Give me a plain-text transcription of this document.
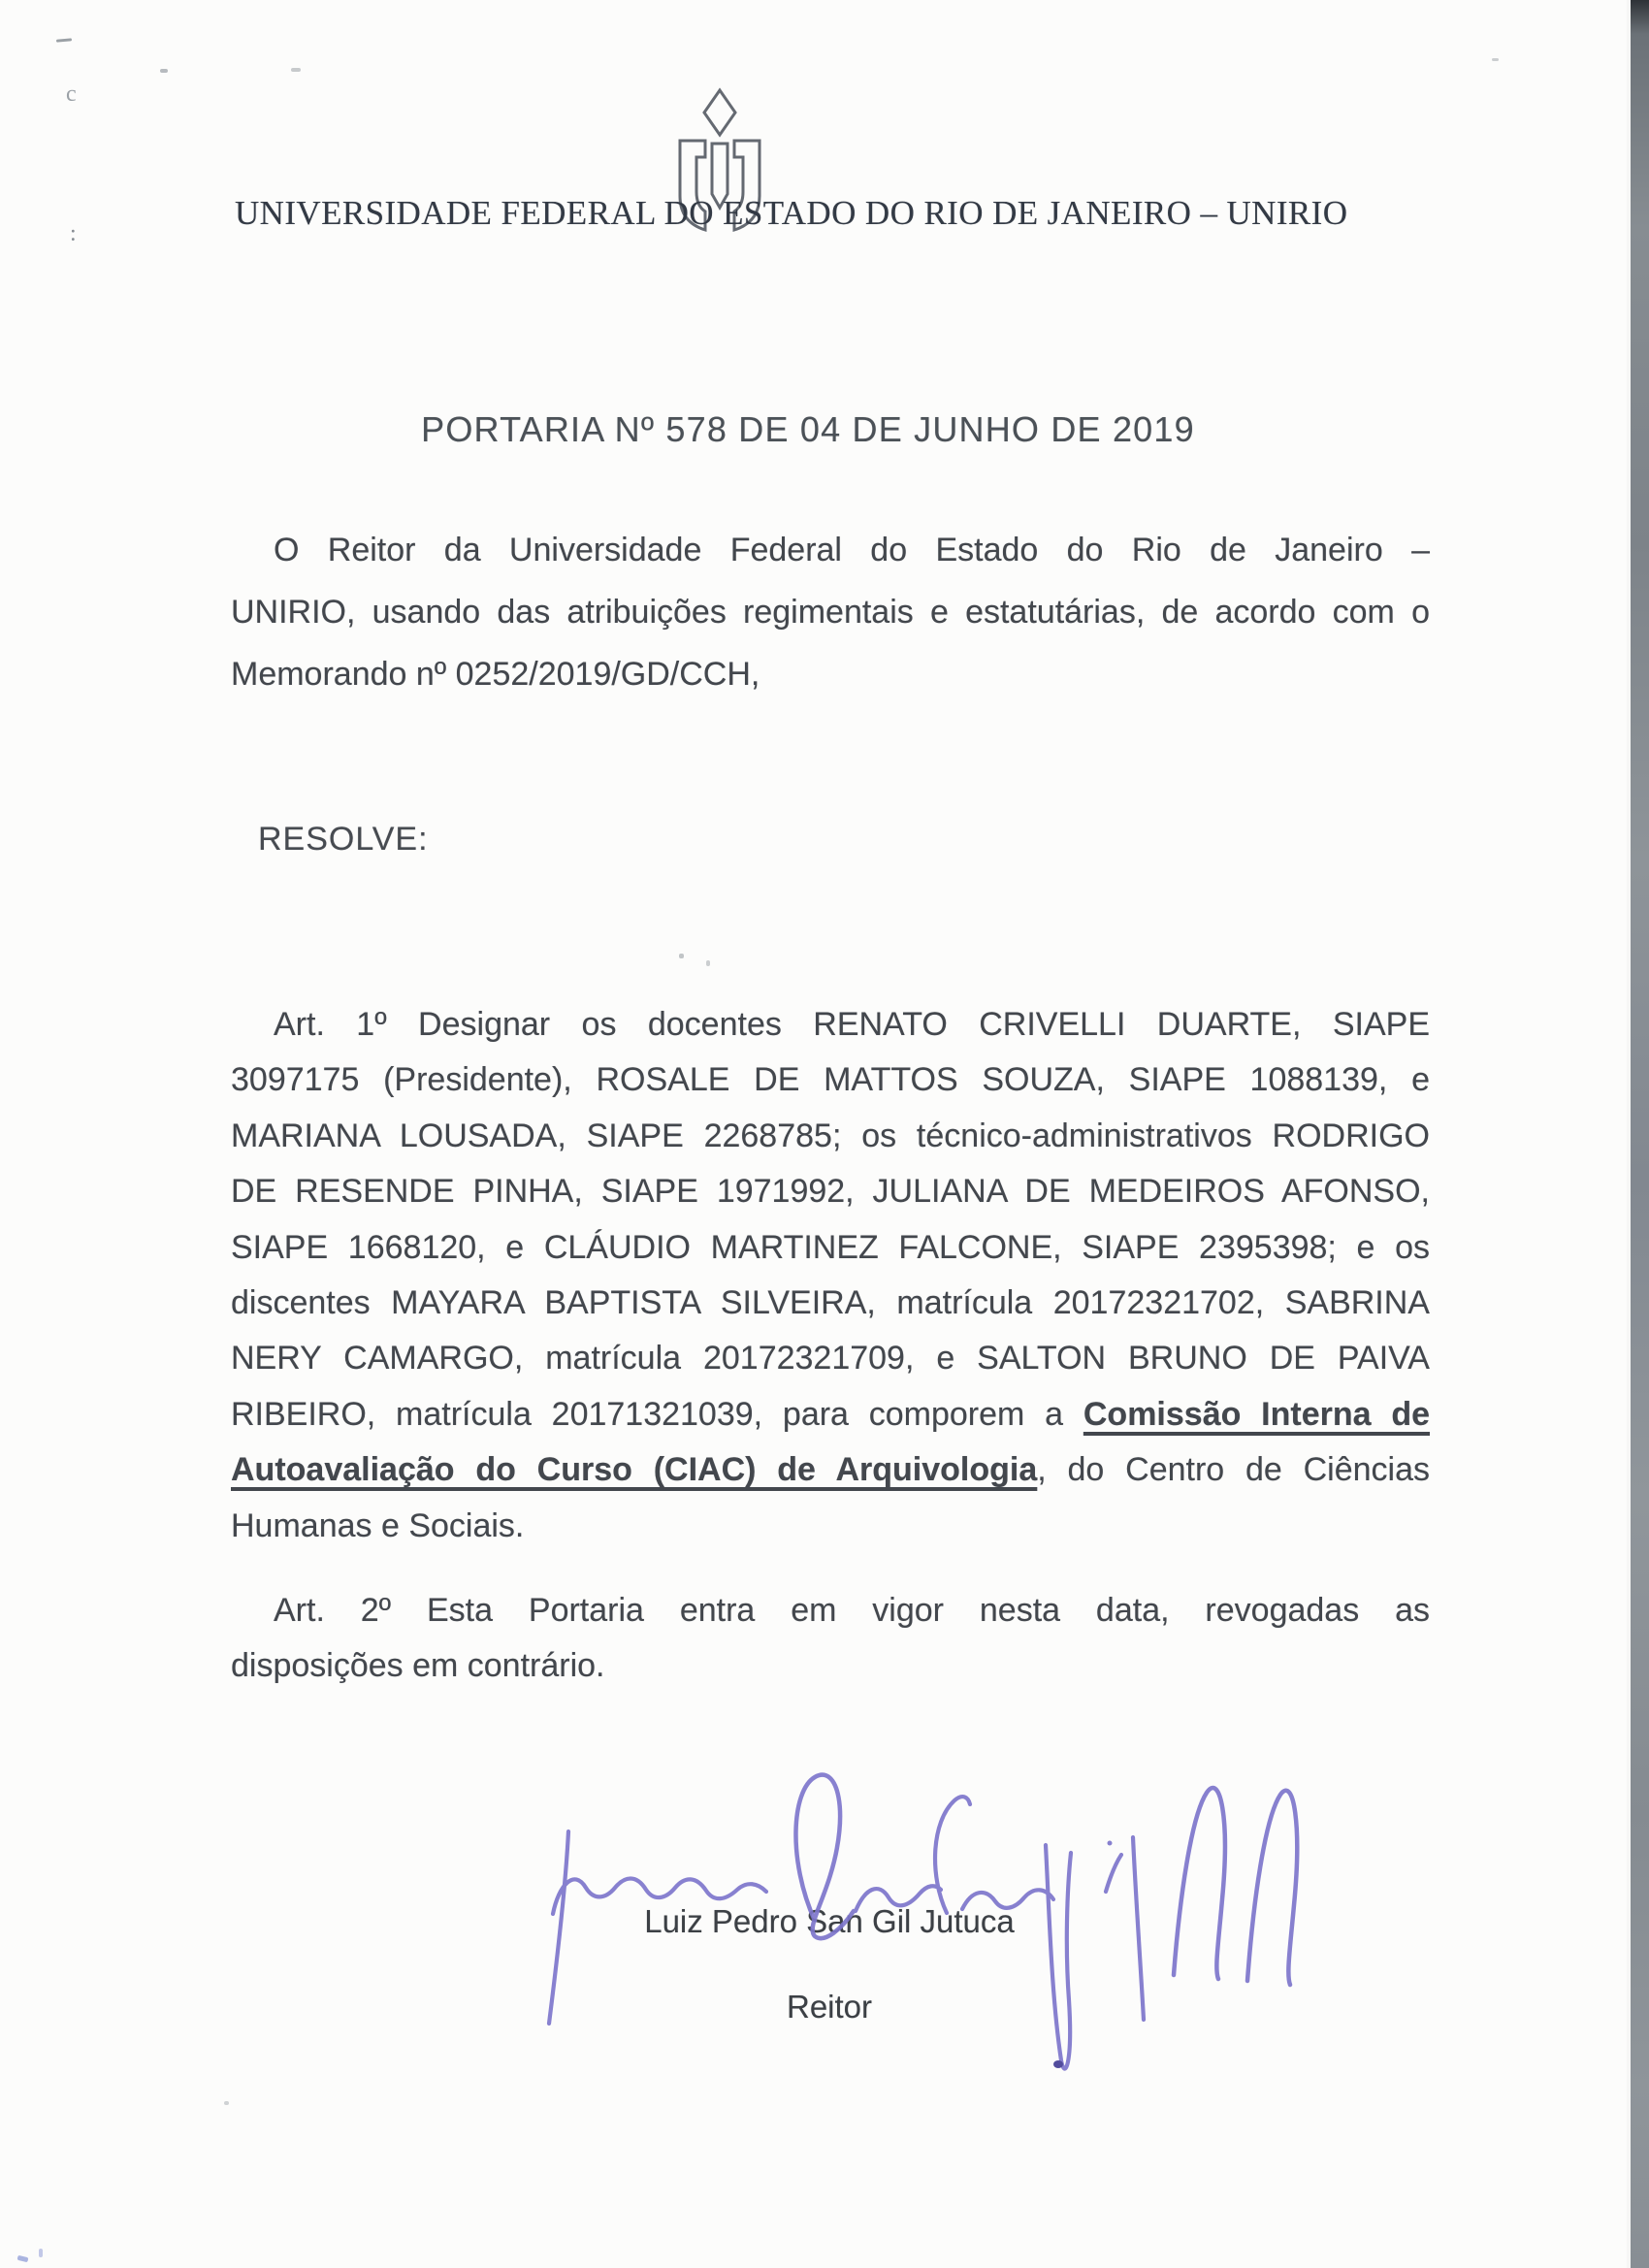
UNIVERSIDADE FEDERAL DO ESTADO DO RIO DE JANEIRO – UNIRIO
PORTARIA Nº 578 DE 04 DE JUNHO DE 2019
O Reitor da Universidade Federal do Estado do Rio de Janeiro –
UNIRIO, usando das atribuições regimentais e estatutárias, de acordo com o
Memorando nº 0252/2019/GD/CCH,
RESOLVE:
Art. 1º Designar os docentes RENATO CRIVELLI DUARTE, SIAPE
3097175 (Presidente), ROSALE DE MATTOS SOUZA, SIAPE 1088139, e
MARIANA LOUSADA, SIAPE 2268785; os técnico-administrativos RODRIGO
DE RESENDE PINHA, SIAPE 1971992, JULIANA DE MEDEIROS AFONSO,
SIAPE 1668120, e CLÁUDIO MARTINEZ FALCONE, SIAPE 2395398; e os
discentes MAYARA BAPTISTA SILVEIRA, matrícula 20172321702, SABRINA
NERY CAMARGO, matrícula 20172321709, e SALTON BRUNO DE PAIVA
RIBEIRO, matrícula 20171321039, para comporem a Comissão Interna de
Autoavaliação do Curso (CIAC) de Arquivologia, do Centro de Ciências
Humanas e Sociais.
Art. 2º Esta Portaria entra em vigor nesta data, revogadas as
disposições em contrário.
Luiz Pedro San Gil Jutuca
Reitor
c
:
